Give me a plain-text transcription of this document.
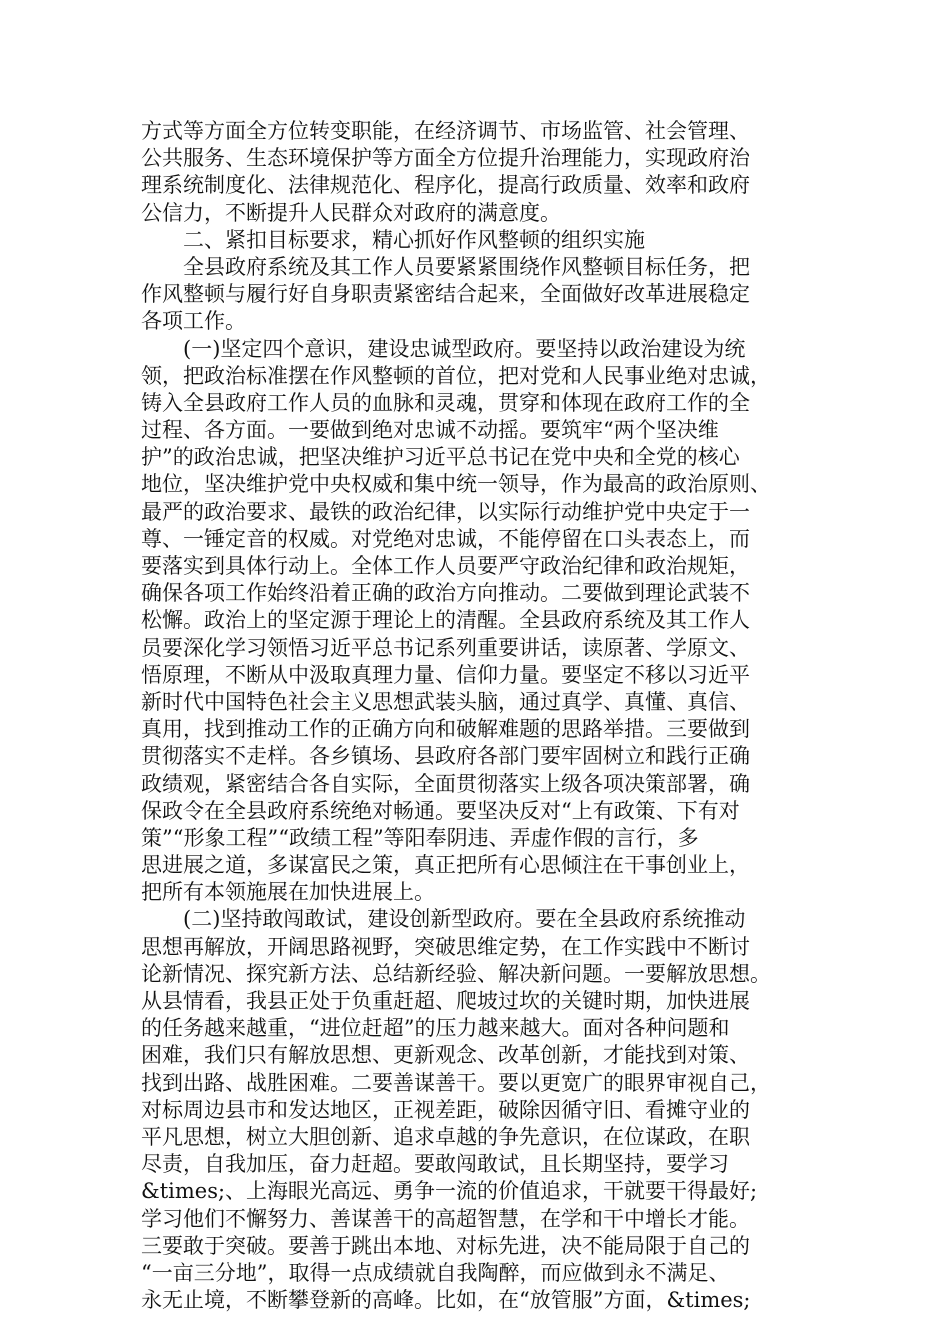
方式等方面全方位转变职能，在经济调节、市场监管、社会管理、
公共服务、生态环境保护等方面全方位提升治理能力，实现政府治
理系统制度化、法律规范化、程序化，提高行政质量、效率和政府
公信力，不断提升人民群众对政府的满意度。
　　二、紧扣目标要求，精心抓好作风整顿的组织实施
　　全县政府系统及其工作人员要紧紧围绕作风整顿目标任务，把
作风整顿与履行好自身职责紧密结合起来，全面做好改革进展稳定
各项工作。
　　(一)坚定四个意识，建设忠诚型政府。要坚持以政治建设为统
领，把政治标准摆在作风整顿的首位，把对党和人民事业绝对忠诚，
铸入全县政府工作人员的血脉和灵魂，贯穿和体现在政府工作的全
过程、各方面。一要做到绝对忠诚不动摇。要筑牢“两个坚决维
护”的政治忠诚，把坚决维护习近平总书记在党中央和全党的核心
地位，坚决维护党中央权威和集中统一领导，作为最高的政治原则、
最严的政治要求、最铁的政治纪律，以实际行动维护党中央定于一
尊、一锤定音的权威。对党绝对忠诚，不能停留在口头表态上，而
要落实到具体行动上。全体工作人员要严守政治纪律和政治规矩，
确保各项工作始终沿着正确的政治方向推动。二要做到理论武装不
松懈。政治上的坚定源于理论上的清醒。全县政府系统及其工作人
员要深化学习领悟习近平总书记系列重要讲话，读原著、学原文、
悟原理，不断从中汲取真理力量、信仰力量。要坚定不移以习近平
新时代中国特色社会主义思想武装头脑，通过真学、真懂、真信、
真用，找到推动工作的正确方向和破解难题的思路举措。三要做到
贯彻落实不走样。各乡镇场、县政府各部门要牢固树立和践行正确
政绩观，紧密结合各自实际，全面贯彻落实上级各项决策部署，确
保政令在全县政府系统绝对畅通。要坚决反对“上有政策、下有对
策”“形象工程”“政绩工程”等阳奉阴违、弄虚作假的言行，多
思进展之道，多谋富民之策，真正把所有心思倾注在干事创业上，
把所有本领施展在加快进展上。
　　(二)坚持敢闯敢试，建设创新型政府。要在全县政府系统推动
思想再解放，开阔思路视野，突破思维定势，在工作实践中不断讨
论新情况、探究新方法、总结新经验、解决新问题。一要解放思想。
从县情看，我县正处于负重赶超、爬坡过坎的关键时期，加快进展
的任务越来越重，“进位赶超”的压力越来越大。面对各种问题和
困难，我们只有解放思想、更新观念、改革创新，才能找到对策、
找到出路、战胜困难。二要善谋善干。要以更宽广的眼界审视自己，
对标周边县市和发达地区，正视差距，破除因循守旧、看摊守业的
平凡思想，树立大胆创新、追求卓越的争先意识，在位谋政，在职
尽责，自我加压，奋力赶超。要敢闯敢试，且长期坚持，要学习
&times;、上海眼光高远、勇争一流的价值追求，干就要干得最好;
学习他们不懈努力、善谋善干的高超智慧，在学和干中增长才能。
三要敢于突破。要善于跳出本地、对标先进，决不能局限于自己的
“一亩三分地”，取得一点成绩就自我陶醉，而应做到永不满足、
永无止境，不断攀登新的高峰。比如，在“放管服”方面，&times;
